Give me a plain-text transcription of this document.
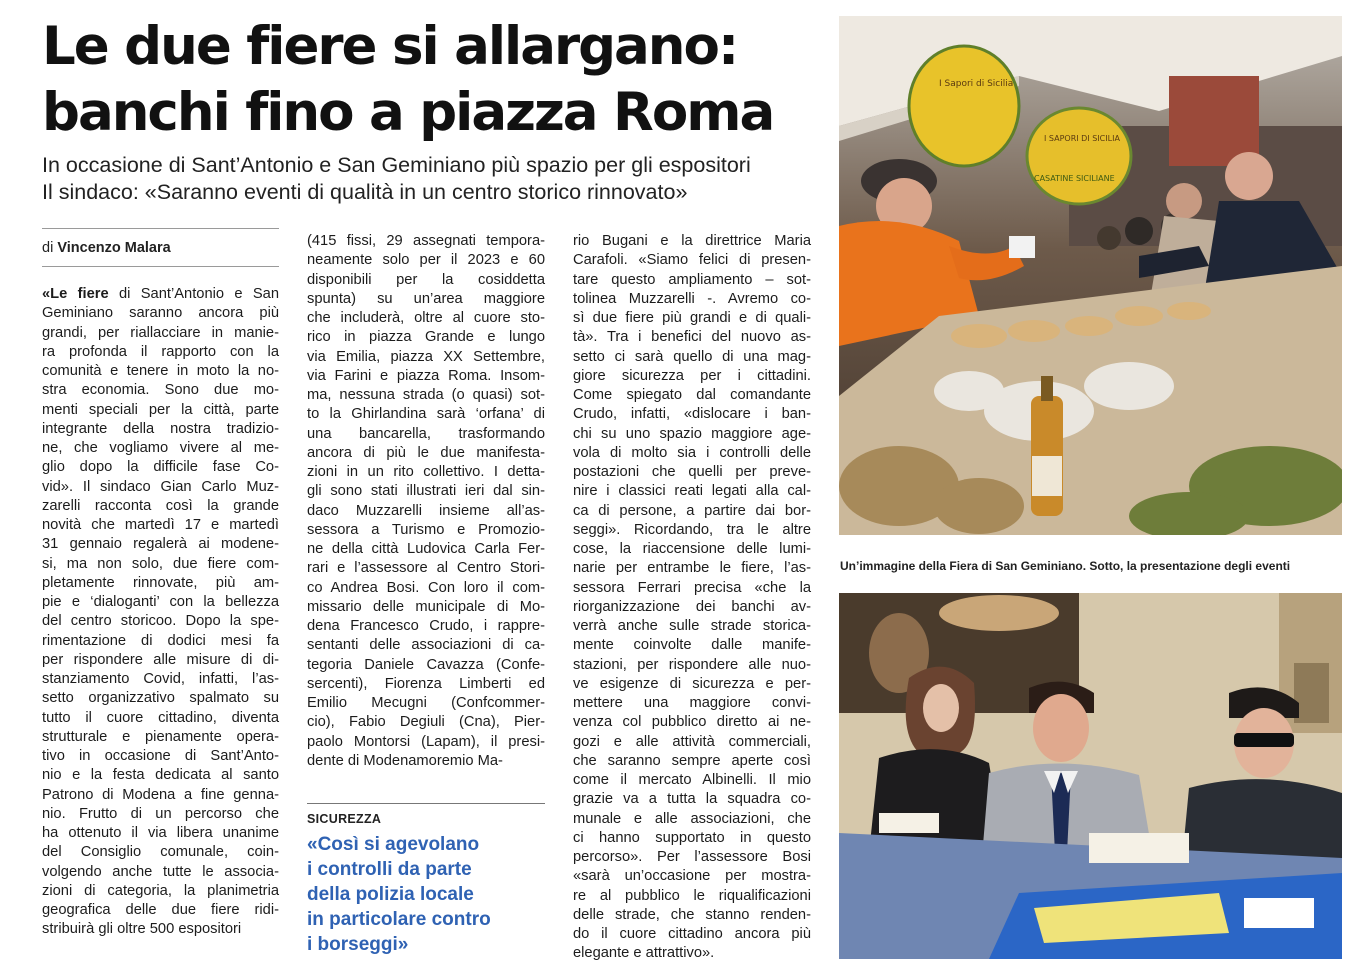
Le due fiere si allargano:
banchi fino a piazza Roma
In occasione di Sant’Antonio e San Geminiano più spazio per gli espositori
Il sindaco: «Saranno eventi di qualità in un centro storico rinnovato»
di Vincenzo Malara
«Le fiere di Sant’Antonio e San
Geminiano saranno ancora più
grandi, per riallacciare in manie-
ra profonda il rapporto con la
comunità e tenere in moto la no-
stra economia. Sono due mo-
menti speciali per la città, parte
integrante della nostra tradizio-
ne, che vogliamo vivere al me-
glio dopo la difficile fase Co-
vid». Il sindaco Gian Carlo Muz-
zarelli racconta così la grande
novità che martedì 17 e martedì
31 gennaio regalerà ai modene-
si, ma non solo, due fiere com-
pletamente rinnovate, più am-
pie e ‘dialoganti’ con la bellezza
del centro storicoo. Dopo la spe-
rimentazione di dodici mesi fa
per rispondere alle misure di di-
stanziamento Covid, infatti, l’as-
setto organizzativo spalmato su
tutto il cuore cittadino, diventa
strutturale e pienamente opera-
tivo in occasione di Sant’Anto-
nio e la festa dedicata al santo
Patrono di Modena a fine genna-
nio. Frutto di un percorso che
ha ottenuto il via libera unanime
del Consiglio comunale, coin-
volgendo anche tutte le associa-
zioni di categoria, la planimetria
geografica delle due fiere ridi-
stribuirà gli oltre 500 espositori
(415 fissi, 29 assegnati tempora-
neamente solo per il 2023 e 60
disponibili per la cosiddetta
spunta) su un’area maggiore
che includerà, oltre al cuore sto-
rico in piazza Grande e lungo
via Emilia, piazza XX Settembre,
via Farini e piazza Roma. Insom-
ma, nessuna strada (o quasi) sot-
to la Ghirlandina sarà ‘orfana’ di
una bancarella, trasformando
ancora di più le due manifesta-
zioni in un rito collettivo. I detta-
gli sono stati illustrati ieri dal sin-
daco Muzzarelli insieme all’as-
sessora a Turismo e Promozio-
ne della città Ludovica Carla Fer-
rari e l’assessore al Centro Stori-
co Andrea Bosi. Con loro il com-
missario delle municipale di Mo-
dena Francesco Crudo, i rappre-
sentanti delle associazioni di ca-
tegoria Daniele Cavazza (Confe-
sercenti), Fiorenza Limberti ed
Emilio Mecugni (Confcommer-
cio), Fabio Degiuli (Cna), Pier-
paolo Montorsi (Lapam), il presi-
dente di Modenamoremio Ma-
rio Bugani e la direttrice Maria
Carafoli. «Siamo felici di presen-
tare questo ampliamento – sot-
tolinea Muzzarelli -. Avremo co-
sì due fiere più grandi e di quali-
tà». Tra i benefici del nuovo as-
setto ci sarà quello di una mag-
giore sicurezza per i cittadini.
Come spiegato dal comandante
Crudo, infatti, «dislocare i ban-
chi su uno spazio maggiore age-
vola di molto sia i controlli delle
postazioni che quelli per preve-
nire i classici reati legati alla cal-
ca di persone, a partire dai bor-
seggi». Ricordando, tra le altre
cose, la riaccensione delle lumi-
narie per entrambe le fiere, l’as-
sessora Ferrari precisa «che la
riorganizzazione dei banchi av-
verrà anche sulle strade storica-
mente coinvolte dalle manife-
stazioni, per rispondere alle nuo-
ve esigenze di sicurezza e per-
mettere una maggiore convi-
venza col pubblico diretto ai ne-
gozi e alle attività commerciali,
che saranno sempre aperte così
come il mercato Albinelli. Il mio
grazie va a tutta la squadra co-
munale e alle associazioni, che
ci hanno supportato in questo
percorso». Per l’assessore Bosi
«sarà un’occasione per mostra-
re al pubblico le riqualificazioni
delle strade, che stanno renden-
do il cuore cittadino ancora più
elegante e attrattivo».
SICUREZZA
«Così si agevolano
i controlli da parte
della polizia locale
in particolare contro
i borseggi»
I Sapori di Sicilia
CASATINE SICILIANE
I SAPORI DI SICILIA
Un’immagine della Fiera di San Geminiano. Sotto, la presentazione degli eventi
